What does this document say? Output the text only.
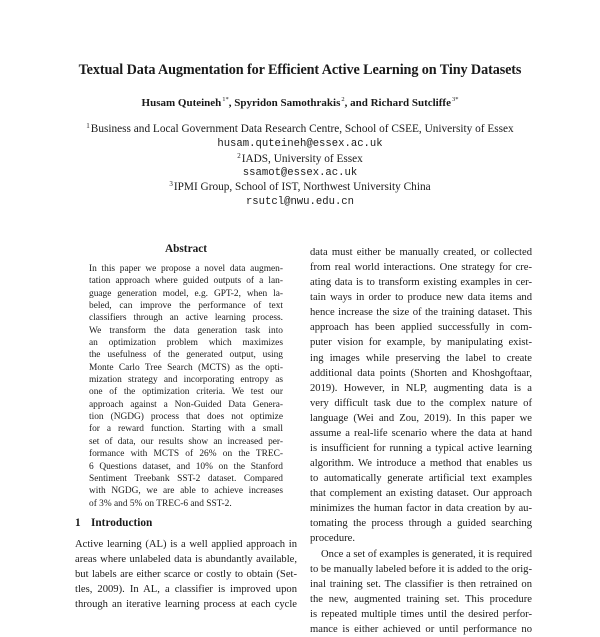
Textual Data Augmentation for Efficient Active Learning on Tiny Datasets
Husam Quteineh$^{1*}$, Spyridon Samothrakis$^2$, and Richard Sutcliffe$^{3*}$
$^1$Business and Local Government Data Research Centre, School of CSEE, University of Essex
husam.quteineh@essex.ac.uk
$^2$IADS, University of Essex
ssamot@essex.ac.uk
$^3$IPMI Group, School of IST, Northwest University China
rsutcl@nwu.edu.cn
Abstract
In this paper we propose a novel data augmen-
tation approach where guided outputs of a lan-
guage generation model, e.g. GPT-2, when la-
beled, can improve the performance of text
classifiers through an active learning process.
We transform the data generation task into
an optimization problem which maximizes
the usefulness of the generated output, using
Monte Carlo Tree Search (MCTS) as the opti-
mization strategy and incorporating entropy as
one of the optimization criteria. We test our
approach against a Non-Guided Data Genera-
tion (NGDG) process that does not optimize
for a reward function. Starting with a small
set of data, our results show an increased per-
formance with MCTS of 26% on the TREC-
6 Questions dataset, and 10% on the Stanford
Sentiment Treebank SST-2 dataset. Compared
with NGDG, we are able to achieve increases
of 3% and 5% on TREC-6 and SST-2.
1 Introduction
Active learning (AL) is a well applied approach in
areas where unlabeled data is abundantly available,
but labels are either scarce or costly to obtain (Set-
tles, 2009). In AL, a classifier is improved upon
through an iterative learning process at each cycle
data must either be manually created, or collected
from real world interactions. One strategy for cre-
ating data is to transform existing examples in cer-
tain ways in order to produce new data items and
hence increase the size of the training dataset. This
approach has been applied successfully in com-
puter vision for example, by manipulating exist-
ing images while preserving the label to create
additional data points (Shorten and Khoshgoftaar,
2019). However, in NLP, augmenting data is a
very difficult task due to the complex nature of
language (Wei and Zou, 2019). In this paper we
assume a real-life scenario where the data at hand
is insufficient for running a typical active learning
algorithm. We introduce a method that enables us
to automatically generate artificial text examples
that complement an existing dataset. Our approach
minimizes the human factor in data creation by au-
tomating the process through a guided searching
procedure.
Once a set of examples is generated, it is required
to be manually labeled before it is added to the orig-
inal training set. The classifier is then retrained on
the new, augmented training set. This procedure
is repeated multiple times until the desired perfor-
mance is either achieved or until performance no
